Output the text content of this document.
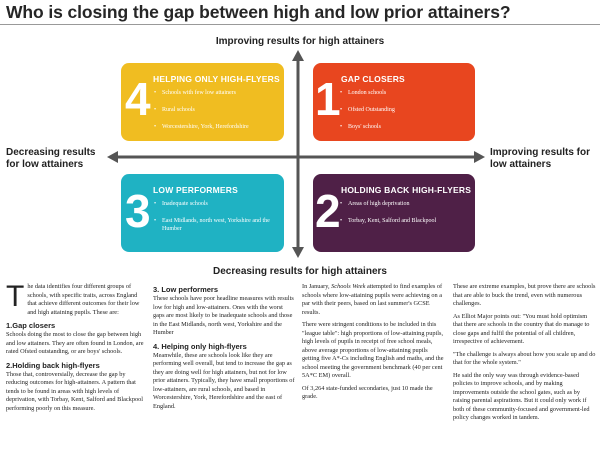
Who is closing the gap between high and low prior attainers?
Improving results for high attainers
Decreasing results for high attainers
Decreasing results for low attainers
Improving results for low attainers
4 HELPING ONLY HIGH-FLYERS
• Schools with few low attainers
• Rural schools
• Worcestershire, York, Herefordshire
1 GAP CLOSERS
• London schools
• Ofsted Outstanding
• Boys' schools
3 LOW PERFORMERS
• Inadequate schools
• East Midlands, north west, Yorkshire and the Humber	2 HOLDING BACK HIGH-FLYERS
• Areas of high deprivation
• Torbay, Kent, Salford and Blackpool

The data identifies four different groups of schools, with specific traits, across England that achieve different outcomes for their low and high attaining pupils. These are:

1.Gap closers

Schools doing the most to close the gap between high and low attainers. They are often found in London, are rated Ofsted outstanding, or are boys' schools.

2.Holding back high-flyers

Those that, controversially, decrease the gap by reducing outcomes for high-attainers. A pattern that tends to be found in areas with high levels of deprivation, with Torbay, Kent, Salford and Blackpool performing poorly on this measure.

3. Low performers

These schools have poor headline measures with results low for high and low-attainers. Ones with the worst gaps are most likely to be inadequate schools and those in the East Midlands, north west, Yorkshire and the Humber

4. Helping only high-flyers

Meanwhile, these are schools look like they are performing well overall, but tend to increase the gap as they are doing well for high attainers, but not for low prior attainers. Typically, they have small proportions of low-attainers, are rural schools, and based in Worcestershire, York, Herefordshire and the east of England.

In January, Schools Week attempted to find examples of schools where low-attaining pupils were achieving on a par with their peers, based on last summer's GCSE results.

There were stringent conditions to be included in this "league table": high proportions of low-attaining pupils, high levels of pupils in receipt of free school meals, above average proportions of low-attaining pupils getting five A*-Cs including English and maths, and the school meeting the government benchmark (40 per cent 5A*C EM) overall.

Of 3,264 state-funded secondaries, just 10 made the grade.

These are extreme examples, but prove there are schools that are able to buck the trend, even with numerous challenges.

As Elliot Major points out: "You must hold optimism that there are schools in the country that do manage to close gaps and fulfil the potential of all children, irrespective of achievement.

"The challenge is always about how you scale up and do that for the whole system."

He said the only way was through evidence-based policies to improve schools, and by making improvements outside the school gates, such as by raising parental aspirations. But it could only work if both of these community-focused and government-led policy changes worked in tandem.
